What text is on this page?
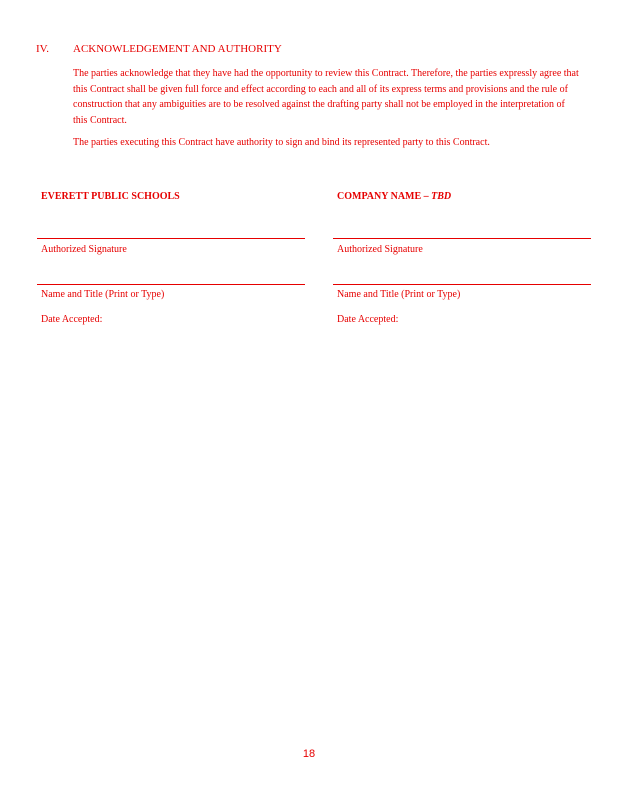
IV. ACKNOWLEDGEMENT AND AUTHORITY
The parties acknowledge that they have had the opportunity to review this Contract. Therefore, the parties expressly agree that this Contract shall be given full force and effect according to each and all of its express terms and provisions and the rule of construction that any ambiguities are to be resolved against the drafting party shall not be employed in the interpretation of this Contract.
The parties executing this Contract have authority to sign and bind its represented party to this Contract.
EVERETT PUBLIC SCHOOLS	COMPANY NAME – TBD
Authorized Signature	Authorized Signature
Name and Title (Print or Type)	Name and Title (Print or Type)
Date Accepted:	Date Accepted:
18
